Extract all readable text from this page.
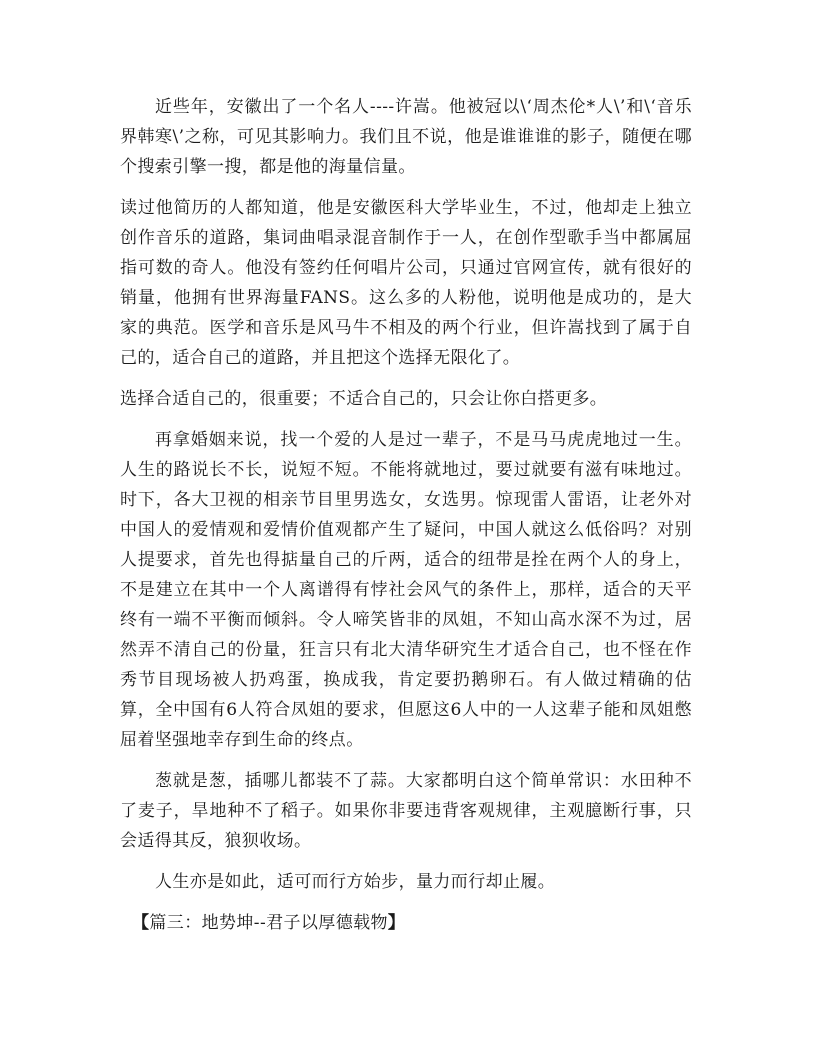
近些年，安徽出了一个名人----许嵩。他被冠以\‘周杰伦*人\’和\‘音乐界韩寒\’之称，可见其影响力。我们且不说，他是谁谁谁的影子，随便在哪个搜索引擎一搜，都是他的海量信量。

读过他简历的人都知道，他是安徽医科大学毕业生，不过，他却走上独立创作音乐的道路，集词曲唱录混音制作于一人，在创作型歌手当中都属屈指可数的奇人。他没有签约任何唱片公司，只通过官网宣传，就有很好的销量，他拥有世界海量FANS。这么多的人粉他，说明他是成功的，是大家的典范。医学和音乐是风马牛不相及的两个行业，但许嵩找到了属于自己的，适合自己的道路，并且把这个选择无限化了。

选择合适自己的，很重要；不适合自己的，只会让你白搭更多。

再拿婚姻来说，找一个爱的人是过一辈子，不是马马虎虎地过一生。人生的路说长不长，说短不短。不能将就地过，要过就要有滋有味地过。时下，各大卫视的相亲节目里男选女，女选男。惊现雷人雷语，让老外对中国人的爱情观和爱情价值观都产生了疑问，中国人就这么低俗吗？对别人提要求，首先也得掂量自己的斤两，适合的纽带是拴在两个人的身上，不是建立在其中一个人离谱得有悖社会风气的条件上，那样，适合的天平终有一端不平衡而倾斜。令人啼笑皆非的凤姐，不知山高水深不为过，居然弄不清自己的份量，狂言只有北大清华研究生才适合自己，也不怪在作秀节目现场被人扔鸡蛋，换成我，肯定要扔鹅卵石。有人做过精确的估算，全中国有6人符合凤姐的要求，但愿这6人中的一人这辈子能和凤姐憋屈着坚强地幸存到生命的终点。

葱就是葱，插哪儿都装不了蒜。大家都明白这个简单常识：水田种不了麦子，旱地种不了稻子。如果你非要违背客观规律，主观臆断行事，只会适得其反，狼狈收场。

人生亦是如此，适可而行方始步，量力而行却止履。

【篇三：地势坤--君子以厚德载物】
